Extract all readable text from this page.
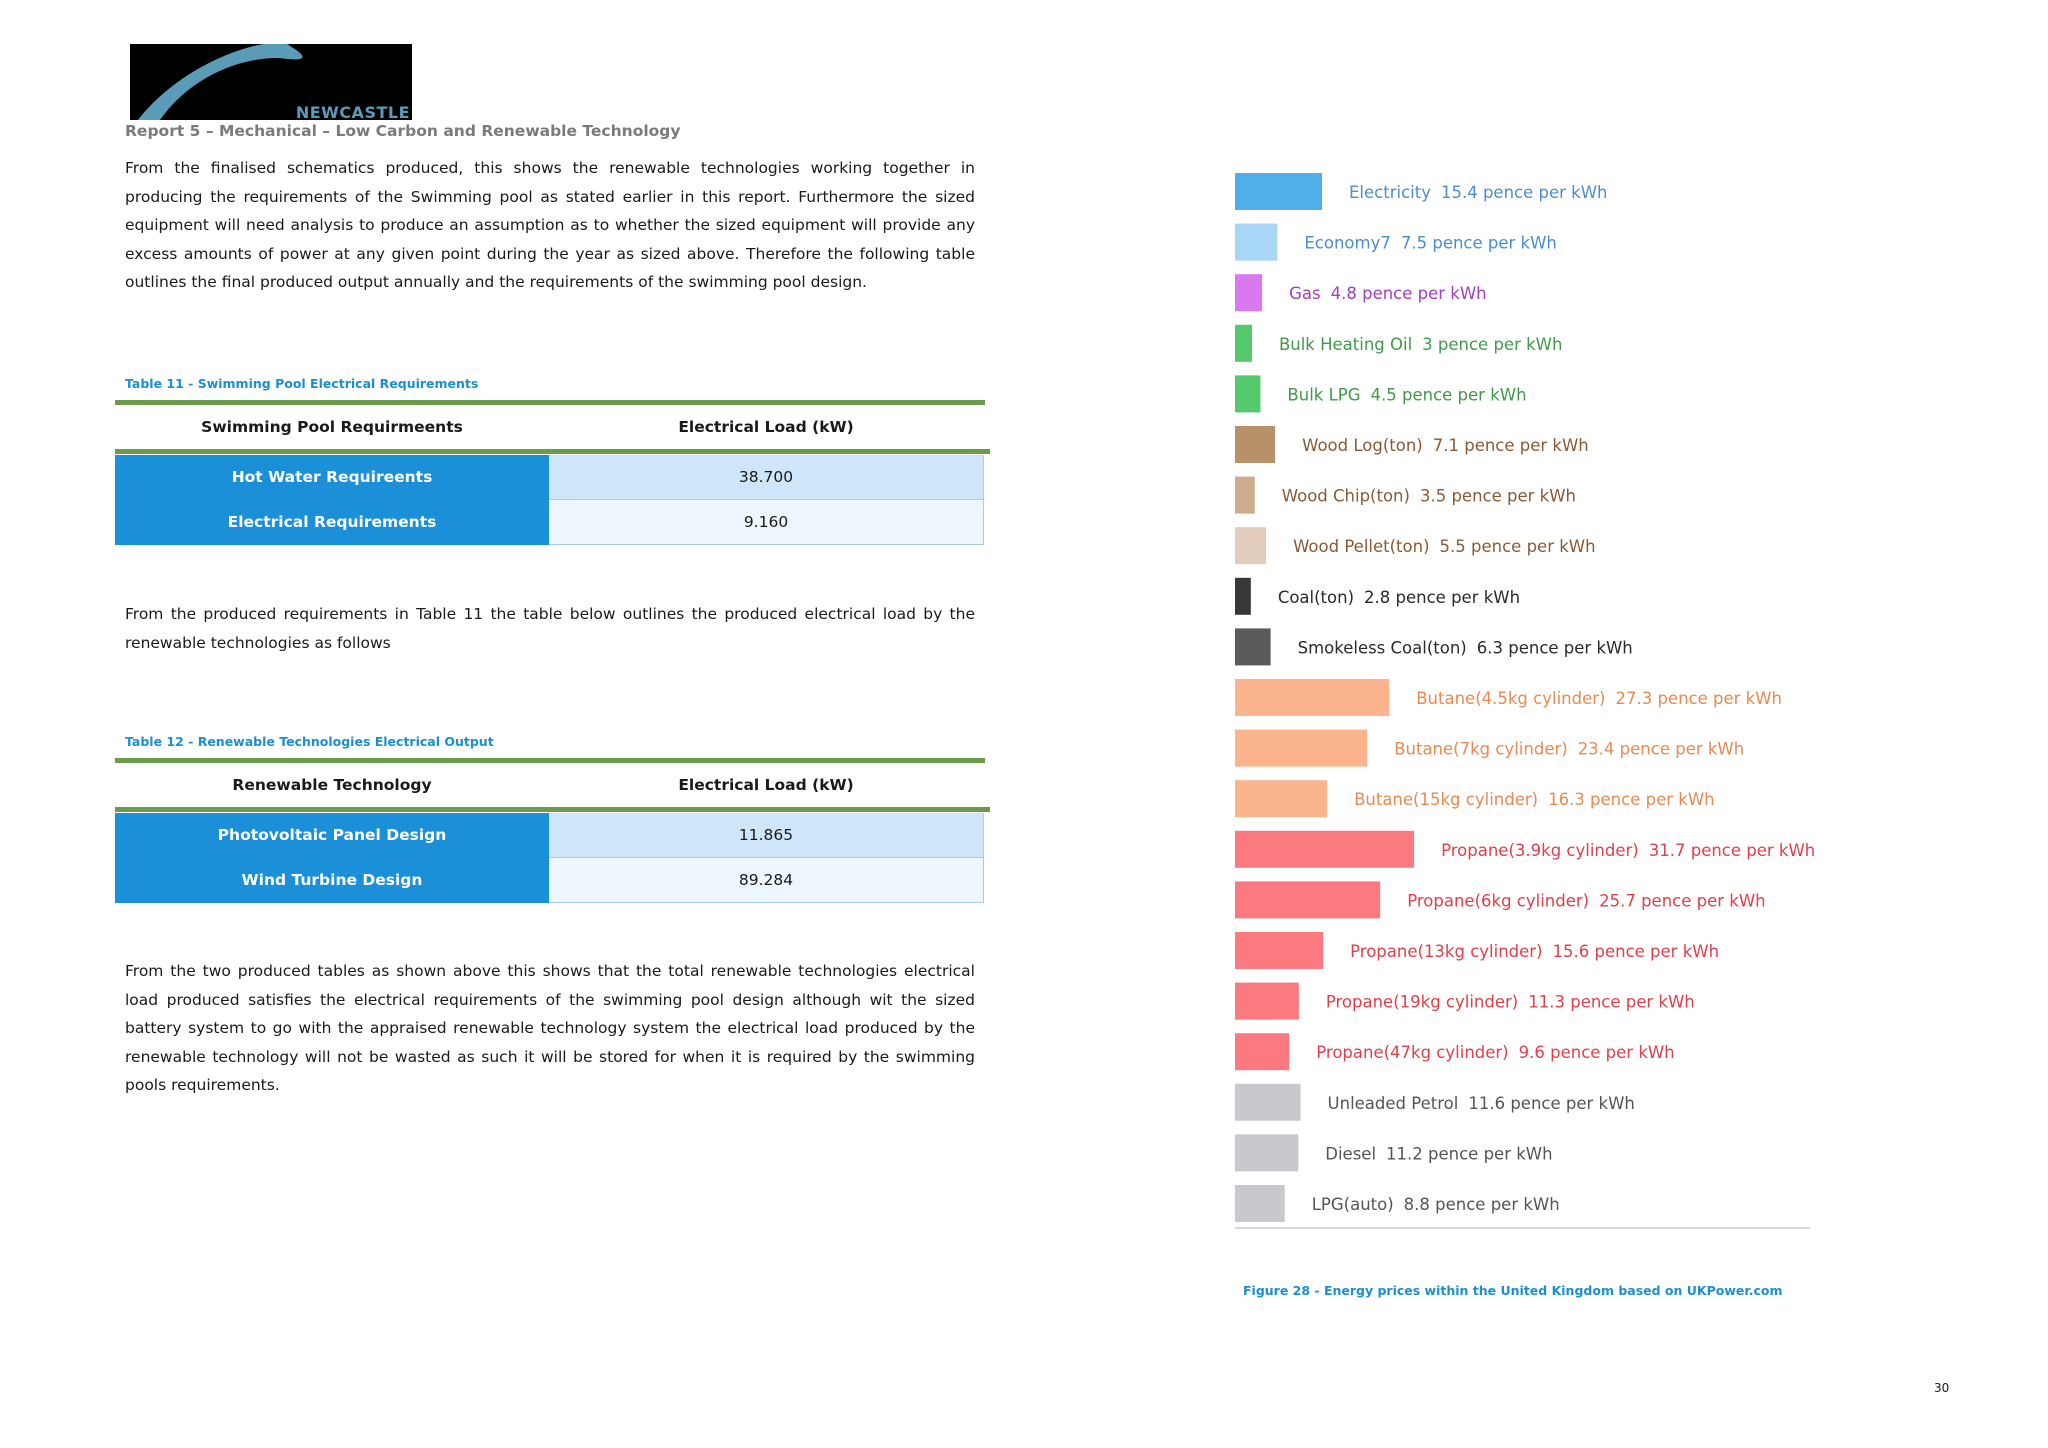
NEWCASTLE
Report 5 – Mechanical – Low Carbon and Renewable Technology
From the finalised schematics produced, this shows the renewable technologies working together in producing the requirements of the Swimming pool as stated earlier in this report. Furthermore the sized equipment will need analysis to produce an assumption as to whether the sized equipment will provide any excess amounts of power at any given point during the year as sized above. Therefore the following table outlines the final produced output annually and the requirements of the swimming pool design.
Table 11 - Swimming Pool Electrical Requirements
Swimming Pool Requirmeents	Electrical Load (kW)
Hot Water Requireents	38.700
Electrical Requirements	9.160
From the produced requirements in Table 11 the table below outlines the produced electrical load by the renewable technologies as follows
Table 12 - Renewable Technologies Electrical Output
Renewable Technology	Electrical Load (kW)
Photovoltaic Panel Design	11.865
Wind Turbine Design	89.284
From the two produced tables as shown above this shows that the total renewable technologies electrical load produced satisfies the electrical requirements of the swimming pool design although wit the sized battery system to go with the appraised renewable technology system the electrical load produced by the renewable technology will not be wasted as such it will be stored for when it is required by the swimming pools requirements.
Electricity 15.4 pence per kWh
Economy7 7.5 pence per kWh
Gas 4.8 pence per kWh
Bulk Heating Oil 3 pence per kWh
Bulk LPG 4.5 pence per kWh
Wood Log(ton) 7.1 pence per kWh
Wood Chip(ton) 3.5 pence per kWh
Wood Pellet(ton) 5.5 pence per kWh
Coal(ton) 2.8 pence per kWh
Smokeless Coal(ton) 6.3 pence per kWh
Butane(4.5kg cylinder) 27.3 pence per kWh
Butane(7kg cylinder) 23.4 pence per kWh
Butane(15kg cylinder) 16.3 pence per kWh
Propane(3.9kg cylinder) 31.7 pence per kWh
Propane(6kg cylinder) 25.7 pence per kWh
Propane(13kg cylinder) 15.6 pence per kWh
Propane(19kg cylinder) 11.3 pence per kWh
Propane(47kg cylinder) 9.6 pence per kWh
Unleaded Petrol 11.6 pence per kWh
Diesel 11.2 pence per kWh
LPG(auto) 8.8 pence per kWh
Figure 28 - Energy prices within the United Kingdom based on UKPower.com
30
